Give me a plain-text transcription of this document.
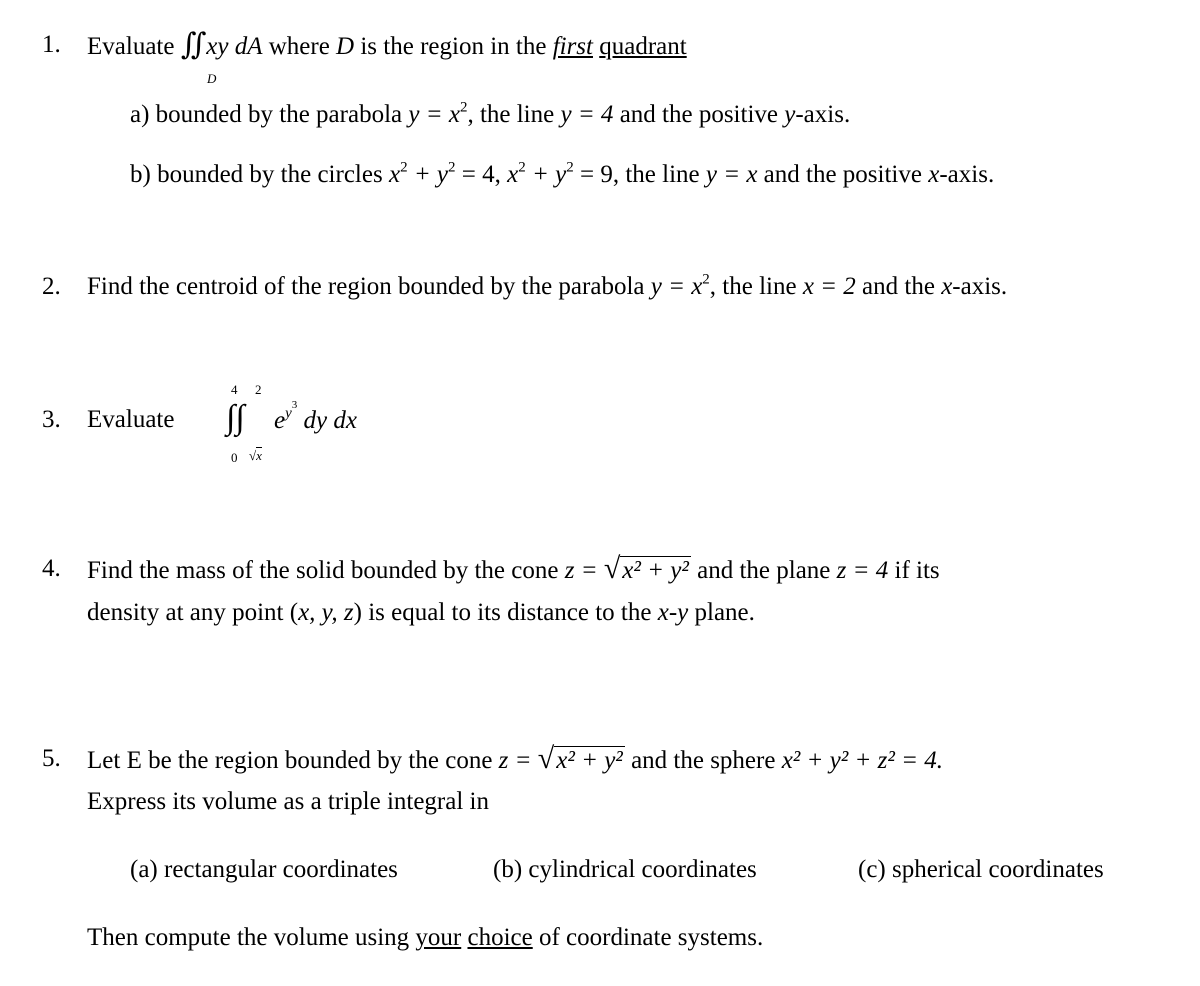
1. Evaluate ∬xy dA where D is the region in the first quadrant
D
a) bounded by the parabola $y = x^2$, the line y = 4 and the positive y-axis.
b) bounded by the circles $x^2 + y^2 = 4$, $x^2 + y^2 = 9$, the line y = x and the positive x-axis.
2. Find the centroid of the region bounded by the parabola $y = x^2$, the line x = 2 and the x-axis.
3. Evaluate
4 2
∫∫
0 √x
$e^{y3}$ dy dx
4. Find the mass of the solid bounded by the cone z = √x² + y² and the plane z = 4 if its
density at any point (x, y, z) is equal to its distance to the x-y plane.
5. Let E be the region bounded by the cone z = √x² + y² and the sphere x² + y² + z² = 4.
Express its volume as a triple integral in
(a) rectangular coordinates	(b) cylindrical coordinates	(c) spherical coordinates
Then compute the volume using your choice of coordinate systems.
